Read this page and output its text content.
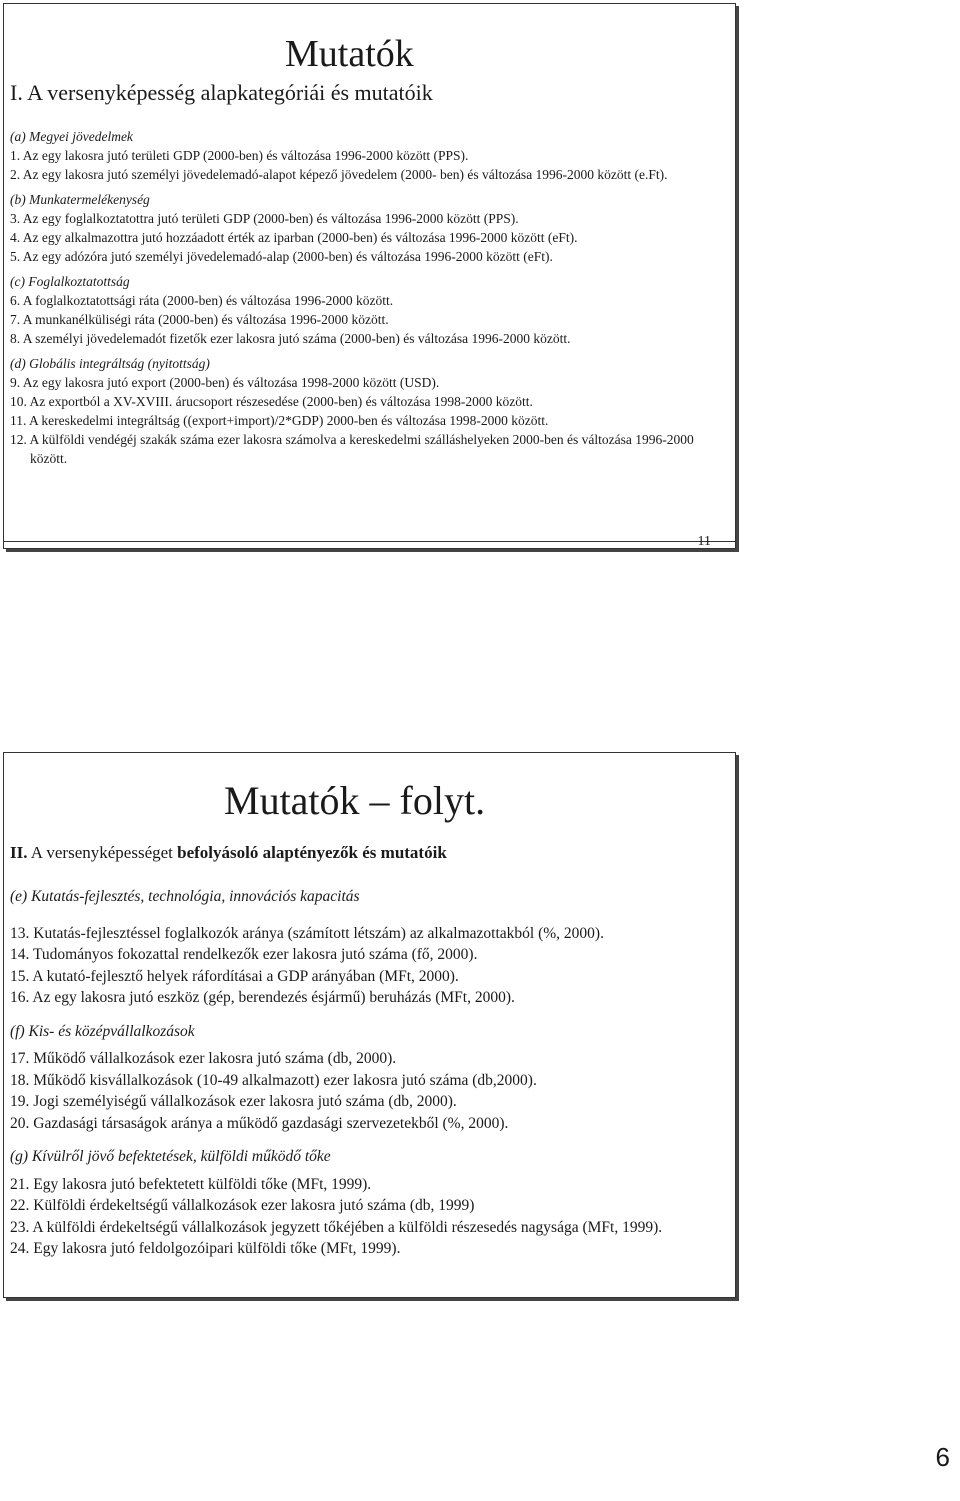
Mutatók
I. A versenyképesség alapkategóriái és mutatóik
(a) Megyei jövedelmek
1. Az egy lakosra jutó területi GDP (2000-ben) és változása 1996-2000 között (PPS).
2. Az egy lakosra jutó személyi jövedelemadó-alapot képező jövedelem (2000- ben) és változása 1996-2000 között (e.Ft).
(b) Munkatermelékenység
3. Az egy foglalkoztatottra jutó területi GDP (2000-ben) és változása 1996-2000 között (PPS).
4. Az egy alkalmazottra jutó hozzáadott érték az iparban (2000-ben) és változása 1996-2000 között (eFt).
5. Az egy adózóra jutó személyi jövedelemadó-alap (2000-ben) és változása 1996-2000 között (eFt).
(c) Foglalkoztatottság
6. A foglalkoztatottsági ráta (2000-ben) és változása 1996-2000 között.
7. A munkanélküliségi ráta (2000-ben) és változása 1996-2000 között.
8. A személyi jövedelemadót fizetők ezer lakosra jutó száma (2000-ben) és változása 1996-2000 között.
(d) Globális integráltság (nyitottság)
9. Az egy lakosra jutó export (2000-ben) és változása 1998-2000 között (USD).
10. Az exportból a XV-XVIII. árucsoport részesedése (2000-ben) és változása 1998-2000 között.
11. A kereskedelmi integráltság ((export+import)/2*GDP) 2000-ben és változása 1998-2000 között.
12. A külföldi vendégéj szakák száma ezer lakosra számolva a kereskedelmi szálláshelyeken 2000-ben és változása 1996-2000 között.
11
Mutatók – folyt.
II. A versenyképességet befolyásoló alaptényezők és mutatóik
(e) Kutatás-fejlesztés, technológia, innovációs kapacitás
13. Kutatás-fejlesztéssel foglalkozók aránya (számított létszám) az alkalmazottakból (%, 2000).
14. Tudományos fokozattal rendelkezők ezer lakosra jutó száma (fő, 2000).
15. A kutató-fejlesztő helyek ráfordításai a GDP arányában (MFt, 2000).
16. Az egy lakosra jutó eszköz (gép, berendezés ésjármű) beruházás (MFt, 2000).
(f) Kis- és középvállalkozások
17. Működő vállalkozások ezer lakosra jutó száma (db, 2000).
18. Működő kisvállalkozások (10-49 alkalmazott) ezer lakosra jutó száma (db,2000).
19. Jogi személyiségű vállalkozások ezer lakosra jutó száma (db, 2000).
20. Gazdasági társaságok aránya a működő gazdasági szervezetekből (%, 2000).
(g) Kívülről jövő befektetések, külföldi működő tőke
21. Egy lakosra jutó befektetett külföldi tőke (MFt, 1999).
22. Külföldi érdekeltségű vállalkozások ezer lakosra jutó száma (db, 1999)
23. A külföldi érdekeltségű vállalkozások jegyzett tőkéjében a külföldi részesedés nagysága (MFt, 1999).
24. Egy lakosra jutó feldolgozóipari külföldi tőke (MFt, 1999).
6
